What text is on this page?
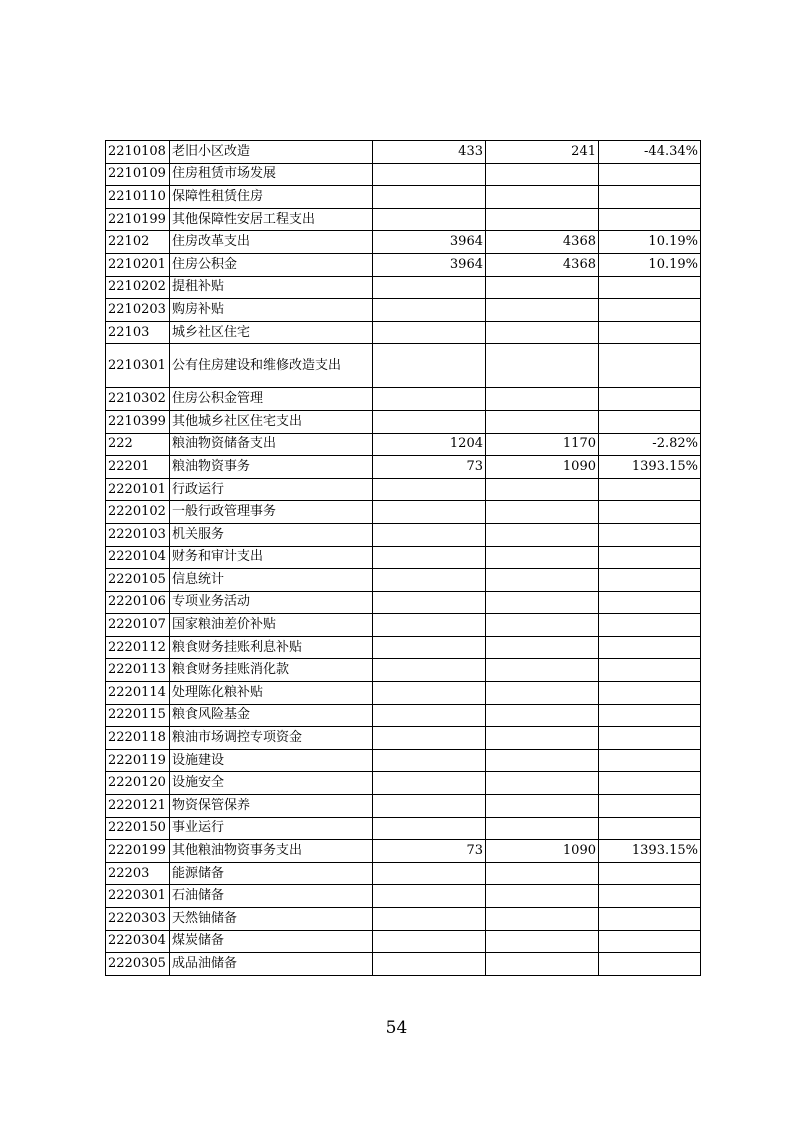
2210108	老旧小区改造	433	241	-44.34%
2210109	住房租赁市场发展			
2210110	保障性租赁住房			
2210199	其他保障性安居工程支出			
22102	住房改革支出	3964	4368	10.19%
2210201	住房公积金	3964	4368	10.19%
2210202	提租补贴			
2210203	购房补贴			
22103	城乡社区住宅			
2210301	公有住房建设和维修改造支出			
2210302	住房公积金管理			
2210399	其他城乡社区住宅支出			
222	粮油物资储备支出	1204	1170	-2.82%
22201	粮油物资事务	73	1090	1393.15%
2220101	行政运行			
2220102	一般行政管理事务			
2220103	机关服务			
2220104	财务和审计支出			
2220105	信息统计			
2220106	专项业务活动			
2220107	国家粮油差价补贴			
2220112	粮食财务挂账利息补贴			
2220113	粮食财务挂账消化款			
2220114	处理陈化粮补贴			
2220115	粮食风险基金			
2220118	粮油市场调控专项资金			
2220119	设施建设			
2220120	设施安全			
2220121	物资保管保养			
2220150	事业运行			
2220199	其他粮油物资事务支出	73	1090	1393.15%
22203	能源储备			
2220301	石油储备			
2220303	天然铀储备			
2220304	煤炭储备			
2220305	成品油储备			
54
